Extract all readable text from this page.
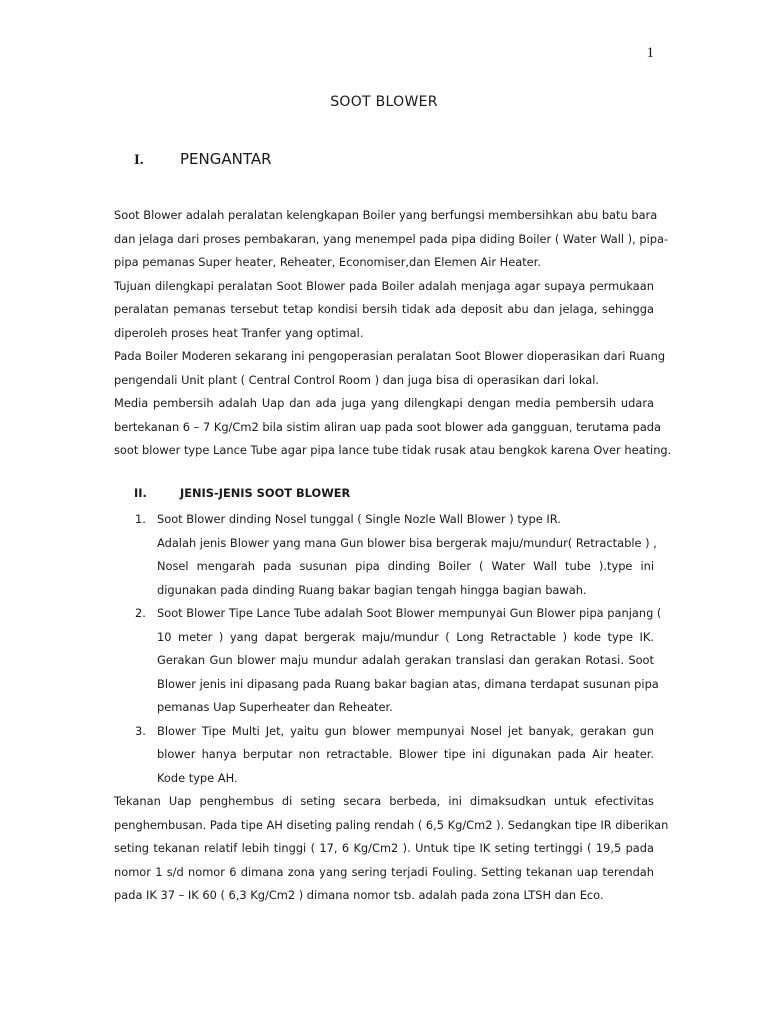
1
SOOT BLOWER
I. PENGANTAR
Soot Blower adalah peralatan kelengkapan Boiler yang berfungsi membersihkan abu batu bara
dan jelaga dari proses pembakaran, yang menempel pada pipa diding Boiler ( Water Wall ), pipa-
pipa pemanas Super heater, Reheater, Economiser,dan Elemen Air Heater.
Tujuan dilengkapi peralatan Soot Blower pada Boiler adalah menjaga agar supaya permukaan
peralatan pemanas tersebut tetap kondisi bersih tidak ada deposit abu dan jelaga, sehingga
diperoleh proses heat Tranfer yang optimal.
Pada Boiler Moderen sekarang ini pengoperasian peralatan Soot Blower dioperasikan dari Ruang
pengendali Unit plant ( Central Control Room ) dan juga bisa di operasikan dari lokal.
Media pembersih adalah Uap dan ada juga yang dilengkapi dengan media pembersih udara
bertekanan 6 – 7 Kg/Cm2 bila sistim aliran uap pada soot blower ada gangguan, terutama pada
soot blower type Lance Tube agar pipa lance tube tidak rusak atau bengkok karena Over heating.
II.	JENIS-JENIS SOOT BLOWER
1. Soot Blower dinding Nosel tunggal ( Single Nozle Wall Blower ) type IR.
Adalah jenis Blower yang mana Gun blower bisa bergerak maju/mundur( Retractable ) ,
Nosel mengarah pada susunan pipa dinding Boiler ( Water Wall tube ).type ini
digunakan pada dinding Ruang bakar bagian tengah hingga bagian bawah.
2. Soot Blower Tipe Lance Tube adalah Soot Blower mempunyai Gun Blower pipa panjang (
10 meter ) yang dapat bergerak maju/mundur ( Long Retractable ) kode type IK.
Gerakan Gun blower maju mundur adalah gerakan translasi dan gerakan Rotasi. Soot
Blower jenis ini dipasang pada Ruang bakar bagian atas, dimana terdapat susunan pipa
pemanas Uap Superheater dan Reheater.
3. Blower Tipe Multi Jet, yaitu gun blower mempunyai Nosel jet banyak, gerakan gun
blower hanya berputar non retractable. Blower tipe ini digunakan pada Air heater.
Kode type AH.
Tekanan Uap penghembus di seting secara berbeda, ini dimaksudkan untuk efectivitas
penghembusan. Pada tipe AH diseting paling rendah ( 6,5 Kg/Cm2 ). Sedangkan tipe IR diberikan
seting tekanan relatif lebih tinggi ( 17, 6 Kg/Cm2 ). Untuk tipe IK seting tertinggi ( 19,5 pada
nomor 1 s/d nomor 6 dimana zona yang sering terjadi Fouling. Setting tekanan uap terendah
pada IK 37 – IK 60 ( 6,3 Kg/Cm2 ) dimana nomor tsb. adalah pada zona LTSH dan Eco.
